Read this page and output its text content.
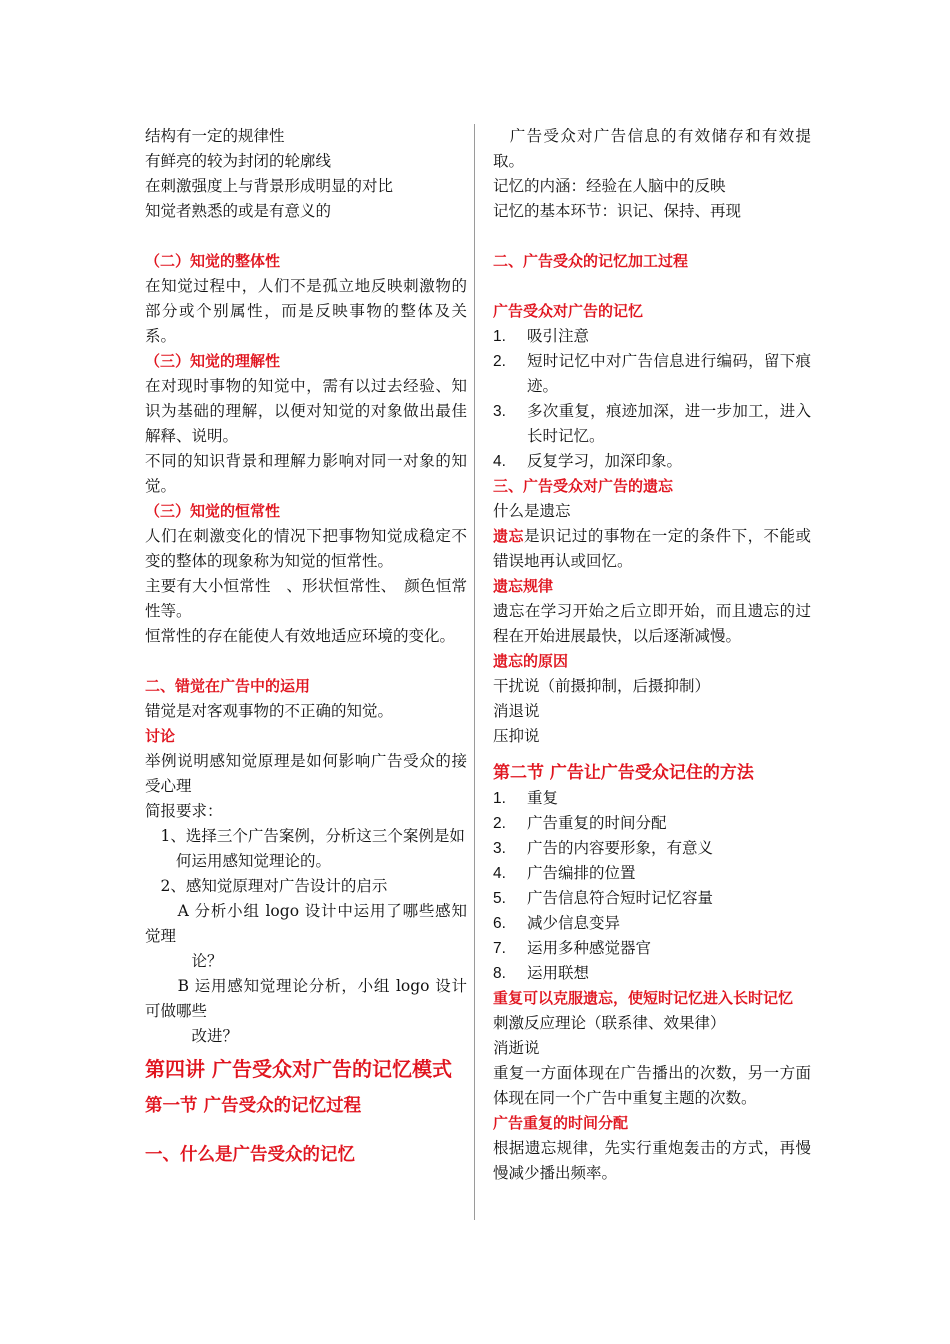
结构有一定的规律性

有鲜亮的较为封闭的轮廓线

在刺激强度上与背景形成明显的对比

知觉者熟悉的或是有意义的

（二）知觉的整体性

在知觉过程中，人们不是孤立地反映刺激物的部分或个别属性，而是反映事物的整体及关系。

（三）知觉的理解性

在对现时事物的知觉中，需有以过去经验、知识为基础的理解，以便对知觉的对象做出最佳解释、说明。

不同的知识背景和理解力影响对同一对象的知觉。

（三）知觉的恒常性

人们在刺激变化的情况下把事物知觉成稳定不变的整体的现象称为知觉的恒常性。

主要有大小恒常性　、形状恒常性、　颜色恒常性等。

恒常性的存在能使人有效地适应环境的变化。

二、错觉在广告中的运用

错觉是对客观事物的不正确的知觉。

讨论

举例说明感知觉原理是如何影响广告受众的接受心理

简报要求：

　1、选择三个广告案例，分析这三个案例是如

　　何运用感知觉理论的。

　2、感知觉原理对广告设计的启示

　　A 分析小组 logo 设计中运用了哪些感知觉理

　　　论？

　　B 运用感知觉理论分析，小组 logo 设计可做哪些

　　　改进？

第四讲 广告受众对广告的记忆模式

第一节 广告受众的记忆过程

一、什么是广告受众的记忆

　广告受众对广告信息的有效储存和有效提取。

记忆的内涵：经验在人脑中的反映

记忆的基本环节：识记、保持、再现

二、广告受众的记忆加工过程

广告受众对广告的记忆

1. 吸引注意
2. 短时记忆中对广告信息进行编码，留下痕迹。
3. 多次重复，痕迹加深，进一步加工，进入长时记忆。
4. 反复学习，加深印象。

三、广告受众对广告的遗忘

什么是遗忘

遗忘是识记过的事物在一定的条件下，不能或错误地再认或回忆。

遗忘规律

遗忘在学习开始之后立即开始，而且遗忘的过程在开始进展最快，以后逐渐减慢。

遗忘的原因

干扰说（前摄抑制，后摄抑制）

消退说

压抑说

第二节 广告让广告受众记住的方法

1. 重复
2. 广告重复的时间分配
3. 广告的内容要形象，有意义
4. 广告编排的位置
5. 广告信息符合短时记忆容量
6. 减少信息变异
7. 运用多种感觉器官
8. 运用联想

重复可以克服遗忘，使短时记忆进入长时记忆

刺激反应理论（联系律、效果律）

消逝说

重复一方面体现在广告播出的次数，另一方面体现在同一个广告中重复主题的次数。

广告重复的时间分配

根据遗忘规律，先实行重炮轰击的方式，再慢慢减少播出频率。
